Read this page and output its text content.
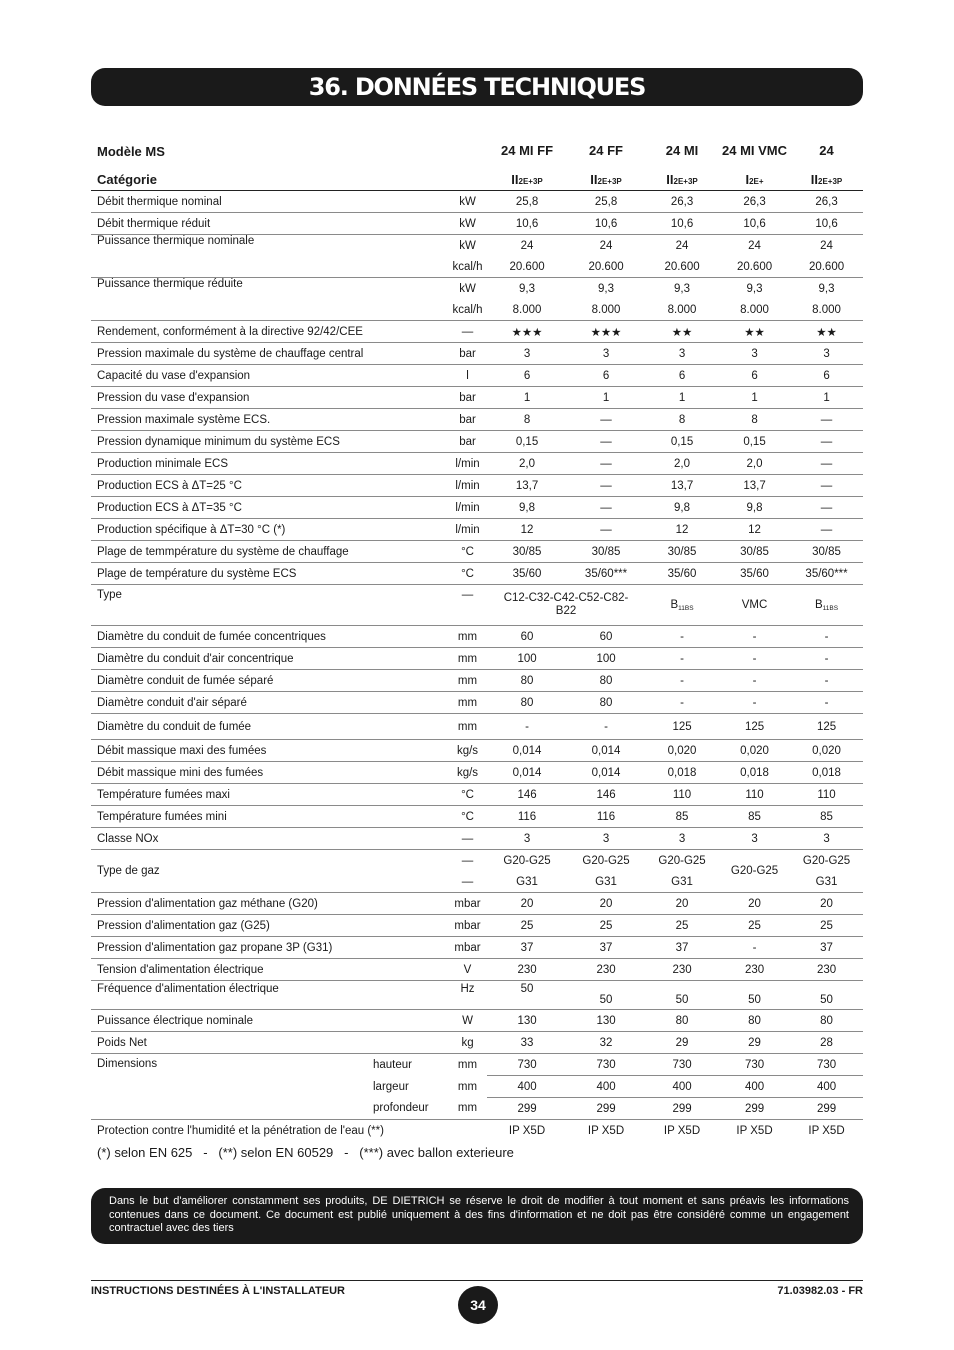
36. DONNÉES TECHNIQUES
Modèle MS			24 MI FF	24 FF	24 MI	24 MI VMC	24
Catégorie			II2E+3P	II2E+3P	II2E+3P	I2E+	II2E+3P
Débit thermique nominal		kW	25,8	25,8	26,3	26,3	26,3
Débit thermique réduit		kW	10,6	10,6	10,6	10,6	10,6
Puissance thermique nominale		kW	24	24	24	24	24
		kcal/h	20.600	20.600	20.600	20.600	20.600
Puissance thermique réduite		kW	9,3	9,3	9,3	9,3	9,3
		kcal/h	8.000	8.000	8.000	8.000	8.000
Rendement, conformément à la directive 92/42/CEE		—	★★★	★★★	★★	★★	★★
Pression maximale du système de chauffage central		bar	3	3	3	3	3
Capacité du vase d'expansion		l	6	6	6	6	6
Pression du vase d'expansion		bar	1	1	1	1	1
Pression maximale système ECS.		bar	8	—	8	8	—
Pression dynamique minimum du système ECS		bar	0,15	—	0,15	0,15	—
Production minimale ECS		l/min	2,0	—	2,0	2,0	—
Production ECS à ΔT=25 °C		l/min	13,7	—	13,7	13,7	—
Production ECS à ΔT=35 °C		l/min	9,8	—	9,8	9,8	—
Production spécifique à ΔT=30 °C (*)		l/min	12	—	12	12	—
Plage de temmpérature du système de chauffage		°C	30/85	30/85	30/85	30/85	30/85
Plage de température du système ECS		°C	35/60	35/60***	35/60	35/60	35/60***
Type		—	C12-C32-C42-C52-C82-B22		B11BS	VMC	B11BS
Diamètre du conduit de fumée concentriques		mm	60	60	-	-	-
Diamètre du conduit d'air concentrique		mm	100	100	-	-	-
Diamètre conduit de fumée séparé		mm	80	80	-	-	-
Diamètre conduit d'air séparé		mm	80	80	-	-	-
Diamètre du conduit de fumée		mm	-	-	125	125	125
Débit massique maxi des fumées		kg/s	0,014	0,014	0,020	0,020	0,020
Débit massique mini des fumées		kg/s	0,014	0,014	0,018	0,018	0,018
Température fumées maxi		°C	146	146	110	110	110
Température fumées mini		°C	116	116	85	85	85
Classe NOx		—	3	3	3	3	3
Type de gaz		—	G20-G25	G20-G25	G20-G25	G20-G25	G20-G25
		—	G31	G31	G31		G31
Pression d'alimentation gaz méthane (G20)		mbar	20	20	20	20	20
Pression d'alimentation gaz (G25)		mbar	25	25	25	25	25
Pression d'alimentation gaz propane 3P (G31)		mbar	37	37	37	-	37
Tension d'alimentation électrique		V	230	230	230	230	230
Fréquence d'alimentation électrique		Hz	50	50	50	50	50
Puissance électrique nominale		W	130	130	80	80	80
Poids Net		kg	33	32	29	29	28
Dimensions	hauteur	mm	730	730	730	730	730
	largeur	mm	400	400	400	400	400
	profondeur	mm	299	299	299	299	299
Protection contre l'humidité et la pénétration de l'eau (**)			IP X5D	IP X5D	IP X5D	IP X5D	IP X5D
(*) selon EN 625   -   (**) selon EN 60529   -   (***) avec ballon exterieure
Dans le but d'améliorer constamment ses produits, DE DIETRICH se réserve le droit de modifier à tout moment et sans préavis les informations contenues dans ce document. Ce document est publié uniquement à des fins d'information et ne doit pas être considéré comme un engagement contractuel avec des tiers
INSTRUCTIONS DESTINÉES À L'INSTALLATEUR
34
71.03982.03 - FR
